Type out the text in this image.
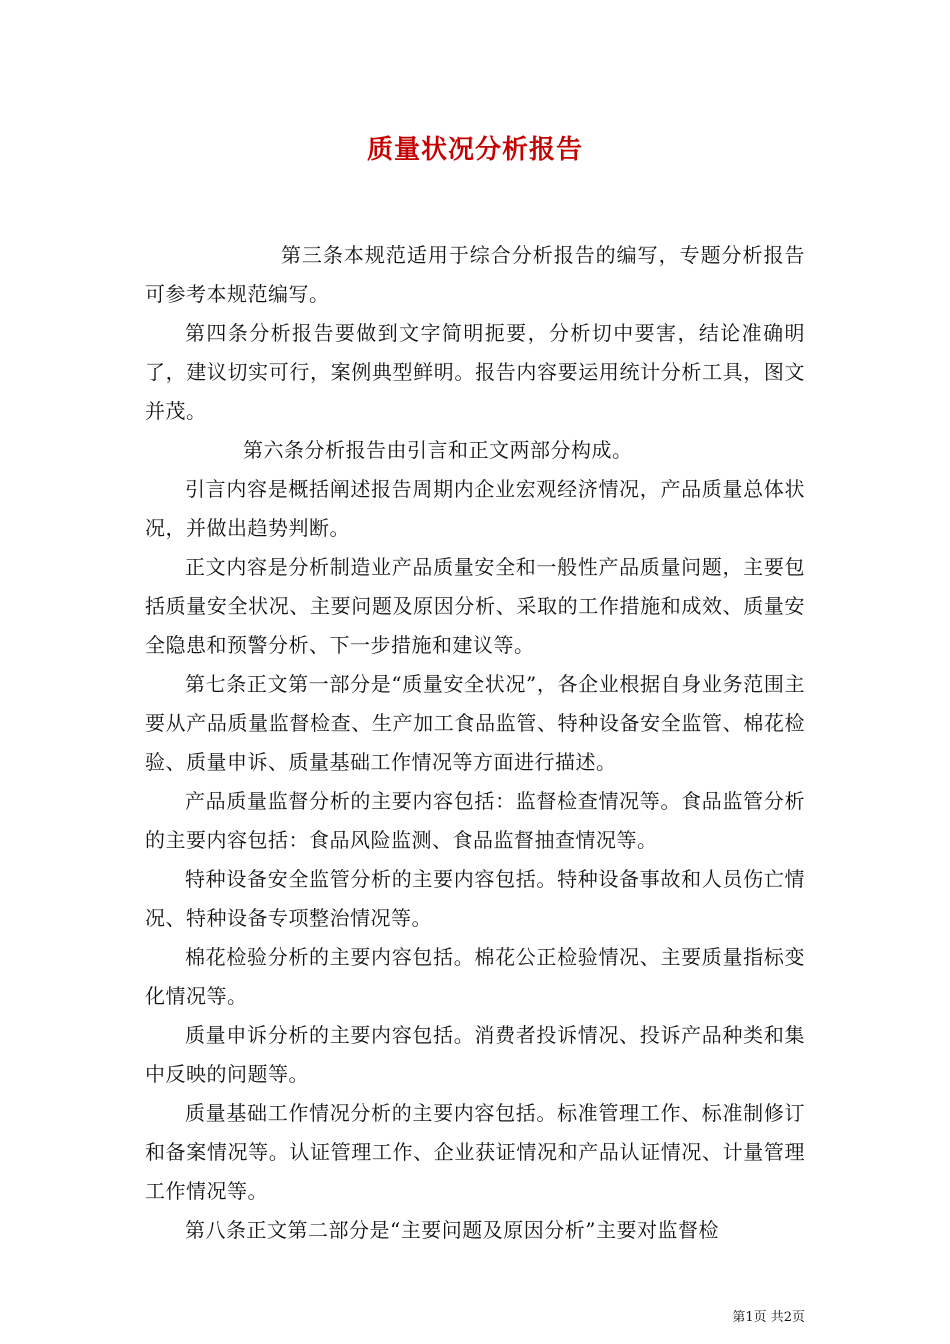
质量状况分析报告

第三条本规范适用于综合分析报告的编写，专题分析报告可参考本规范编写。

第四条分析报告要做到文字简明扼要，分析切中要害，结论准确明了，建议切实可行，案例典型鲜明。报告内容要运用统计分析工具，图文并茂。

第六条分析报告由引言和正文两部分构成。

引言内容是概括阐述报告周期内企业宏观经济情况，产品质量总体状况，并做出趋势判断。

正文内容是分析制造业产品质量安全和一般性产品质量问题，主要包括质量安全状况、主要问题及原因分析、采取的工作措施和成效、质量安全隐患和预警分析、下一步措施和建议等。

第七条正文第一部分是“质量安全状况”，各企业根据自身业务范围主要从产品质量监督检查、生产加工食品监管、特种设备安全监管、棉花检验、质量申诉、质量基础工作情况等方面进行描述。

产品质量监督分析的主要内容包括：监督检查情况等。食品监管分析的主要内容包括：食品风险监测、食品监督抽查情况等。

特种设备安全监管分析的主要内容包括。特种设备事故和人员伤亡情况、特种设备专项整治情况等。

棉花检验分析的主要内容包括。棉花公正检验情况、主要质量指标变化情况等。

质量申诉分析的主要内容包括。消费者投诉情况、投诉产品种类和集中反映的问题等。

质量基础工作情况分析的主要内容包括。标准管理工作、标准制修订和备案情况等。认证管理工作、企业获证情况和产品认证情况、计量管理工作情况等。

第八条正文第二部分是“主要问题及原因分析”主要对监督检

第1页 共2页
